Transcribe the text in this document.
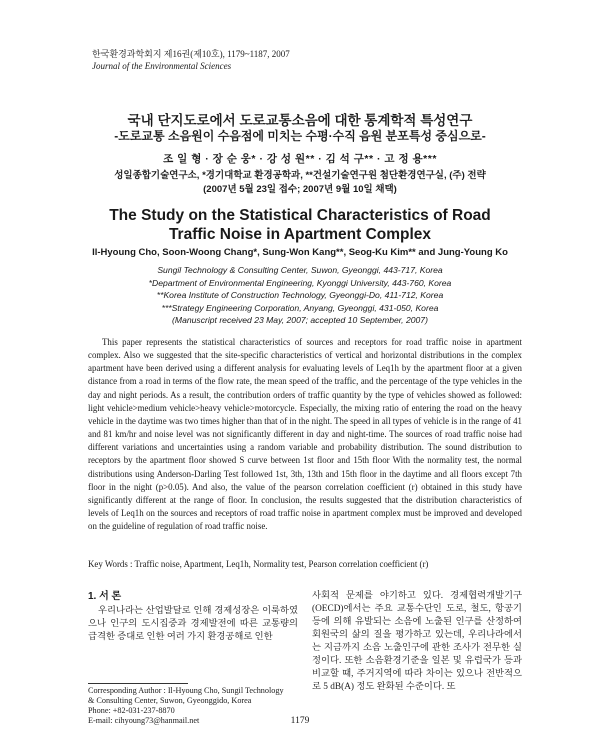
한국환경과학회지 제16권(제10호), 1179~1187, 2007
Journal of the Environmental Sciences
국내 단지도로에서 도로교통소음에 대한 통계학적 특성연구
-도로교통 소음원이 수음점에 미치는 수평·수직 음원 분포특성 중심으로-
조 일 형 · 장 순 웅* · 강 성 원** · 김 석 구** · 고 정 용***
성일종합기술연구소, *경기대학교 환경공학과, **건설기술연구원 첨단환경연구실, (주) 전략
(2007년 5월 23일 접수; 2007년 9월 10일 채택)
The Study on the Statistical Characteristics of Road
Traffic Noise in Apartment Complex
Il-Hyoung Cho, Soon-Woong Chang*, Sung-Won Kang**, Seog-Ku Kim** and Jung-Young Ko
Sungil Technology & Consulting Center, Suwon, Gyeonggi, 443-717, Korea
*Department of Environmental Engineering, Kyonggi University, 443-760, Korea
**Korea Institute of Construction Technology, Gyeonggi-Do, 411-712, Korea
***Strategy Engineering Corporation, Anyang, Gyeonggi, 431-050, Korea
(Manuscript received 23 May, 2007; accepted 10 September, 2007)

This paper represents the statistical characteristics of sources and receptors for road traffic noise in apartment complex. Also we suggested that the site-specific characteristics of vertical and horizontal distributions in the complex apartment have been derived using a different analysis for evaluating levels of Leq1h by the apartment floor at a given distance from a road in terms of the flow rate, the mean speed of the traffic, and the percentage of the type vehicles in the day and night periods. As a result, the contribution orders of traffic quantity by the type of vehicles showed as followed: light vehicle>medium vehicle>heavy vehicle>motorcycle. Especially, the mixing ratio of entering the road on the heavy vehicle in the daytime was two times higher than that of in the night. The speed in all types of vehicle is in the range of 41 and 81 km/hr and noise level was not significantly different in day and night-time. The sources of road traffic noise had different variations and uncertainties using a random variable and probability distribution. The sound distribution to receptors by the apartment floor showed S curve between 1st floor and 15th floor With the normality test, the normal distributions using Anderson-Darling Test followed 1st, 3th, 13th and 15th floor in the daytime and all floors except 7th floor in the night (p>0.05). And also, the value of the pearson correlation coefficient (r) obtained in this study have significantly different at the range of floor. In conclusion, the results suggested that the distribution characteristics of levels of Leq1h on the sources and receptors of road traffic noise in apartment complex must be improved and developed on the guideline of regulation of road traffic noise.

Key Words : Traffic noise, Apartment, Leq1h, Normality test, Pearson correlation coefficient (r)
1. 서 론

우리나라는 산업발달로 인해 경제성장은 이룩하였으나 인구의 도시집중과 경제발전에 따른 교통량의 급격한 증대로 인한 여러 가지 환경공해로 인한

사회적 문제를 야기하고 있다. 경제협력개발기구(OECD)에서는 주요 교통수단인 도로, 철도, 항공기 등에 의해 유발되는 소음에 노출된 인구를 산정하여 회원국의 삶의 질을 평가하고 있는데, 우리나라에서는 지금까지 소음 노출인구에 관한 조사가 전무한 실정이다. 또한 소음환경기준을 일본 및 유럽국가 등과 비교할 때, 주거지역에 따라 차이는 있으나 전반적으로 5 dB(A) 정도 완화된 수준이다. 또

Corresponding Author : Il-Hyoung Cho, Sungil Technology
& Consulting Center, Suwon, Gyeonggido, Korea
Phone: +82-031-237-8870
E-mail: cihyoung73@hanmail.net	1179
